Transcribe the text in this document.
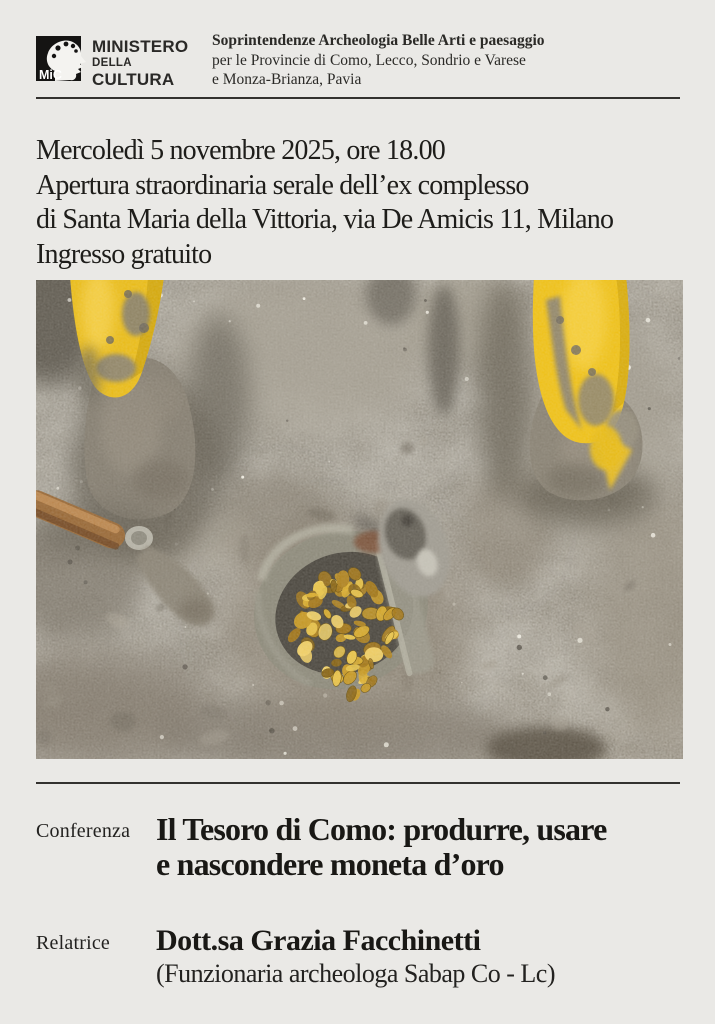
MiC
MINISTERO
DELLA
CULTURA
Soprintendenze Archeologia Belle Arti e paesaggio
per le Provincie di Como, Lecco, Sondrio e Varese
e Monza-Brianza, Pavia
Mercoledì 5 novembre 2025, ore 18.00
Apertura straordinaria serale dell’ex complesso
di Santa Maria della Vittoria, via De Amicis 11, Milano
Ingresso gratuito
Conferenza Il Tesoro di Como: produrre, usare
e nascondere moneta d’oro
Relatrice Dott.sa Grazia Facchinetti
(Funzionaria archeologa Sabap Co - Lc)
